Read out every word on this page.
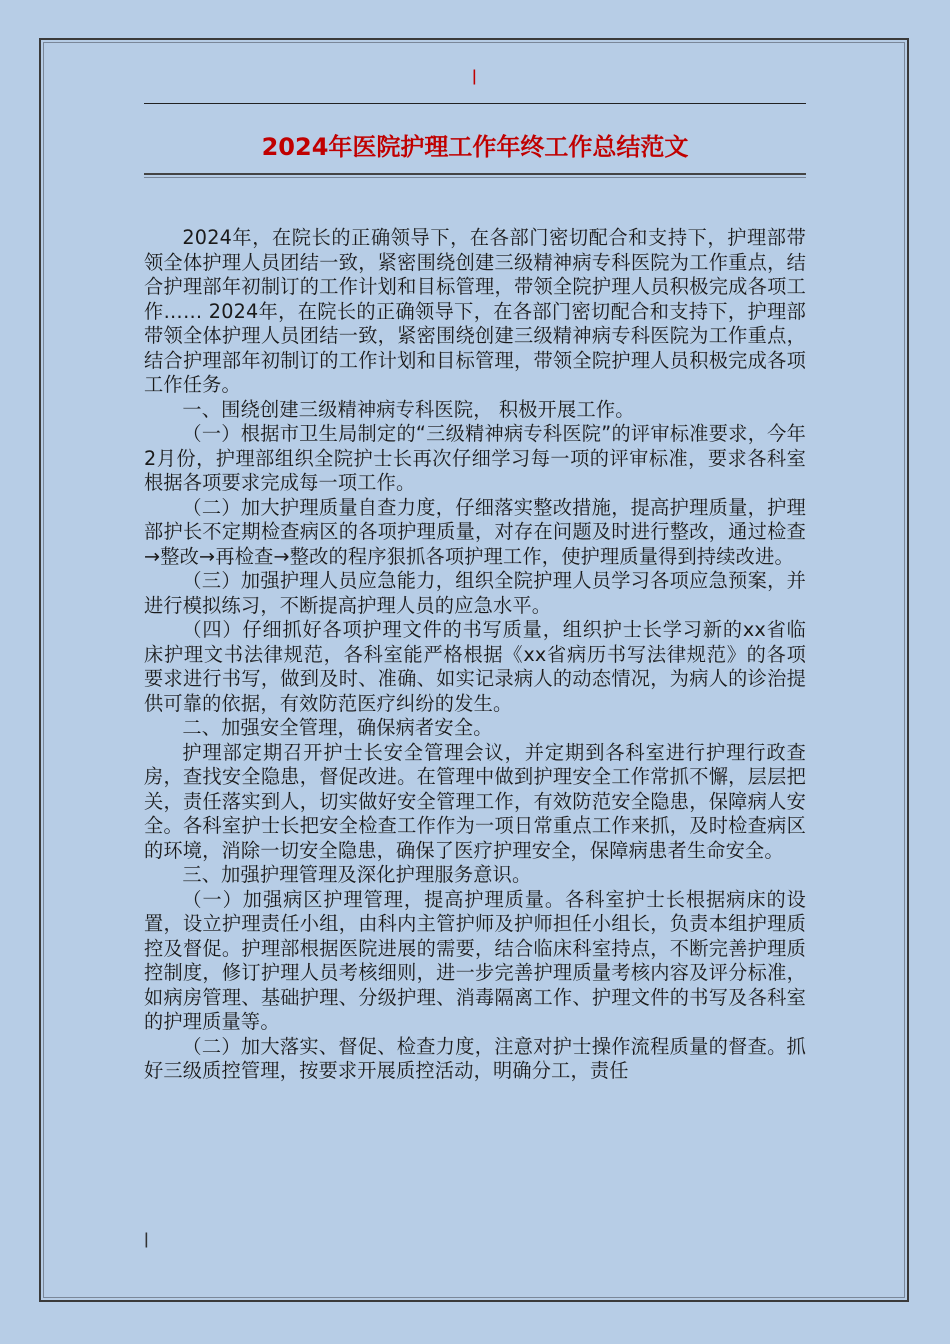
ǀ
2024年医院护理工作年终工作总结范文

2024年，在院长的正确领导下，在各部门密切配合和支持下，护理部带领全体护理人员团结一致，紧密围绕创建三级精神病专科医院为工作重点，结合护理部年初制订的工作计划和目标管理，带领全院护理人员积极完成各项工作…… 2024年，在院长的正确领导下，在各部门密切配合和支持下，护理部带领全体护理人员团结一致，紧密围绕创建三级精神病专科医院为工作重点，结合护理部年初制订的工作计划和目标管理，带领全院护理人员积极完成各项工作任务。

一、围绕创建三级精神病专科医院， 积极开展工作。

（一）根据市卫生局制定的“三级精神病专科医院”的评审标准要求，今年2月份，护理部组织全院护士长再次仔细学习每一项的评审标准，要求各科室根据各项要求完成每一项工作。

（二）加大护理质量自查力度，仔细落实整改措施，提高护理质量，护理部护长不定期检查病区的各项护理质量，对存在问题及时进行整改，通过检查→整改→再检查→整改的程序狠抓各项护理工作，使护理质量得到持续改进。

（三）加强护理人员应急能力，组织全院护理人员学习各项应急预案，并进行模拟练习，不断提高护理人员的应急水平。

（四）仔细抓好各项护理文件的书写质量，组织护士长学习新的xx省临床护理文书法律规范，各科室能严格根据《xx省病历书写法律规范》的各项要求进行书写，做到及时、准确、如实记录病人的动态情况，为病人的诊治提供可靠的依据，有效防范医疗纠纷的发生。

二、加强安全管理，确保病者安全。

护理部定期召开护士长安全管理会议，并定期到各科室进行护理行政查房，查找安全隐患，督促改进。在管理中做到护理安全工作常抓不懈，层层把关，责任落实到人，切实做好安全管理工作，有效防范安全隐患，保障病人安全。各科室护士长把安全检查工作作为一项日常重点工作来抓，及时检查病区的环境，消除一切安全隐患，确保了医疗护理安全，保障病患者生命安全。

三、加强护理管理及深化护理服务意识。

（一）加强病区护理管理，提高护理质量。各科室护士长根据病床的设置，设立护理责任小组，由科内主管护师及护师担任小组长，负责本组护理质控及督促。护理部根据医院进展的需要，结合临床科室持点，不断完善护理质控制度，修订护理人员考核细则，进一步完善护理质量考核内容及评分标准，如病房管理、基础护理、分级护理、消毒隔离工作、护理文件的书写及各科室的护理质量等。

（二）加大落实、督促、检查力度，注意对护士操作流程质量的督查。抓好三级质控管理，按要求开展质控活动，明确分工，责任

ǀ
